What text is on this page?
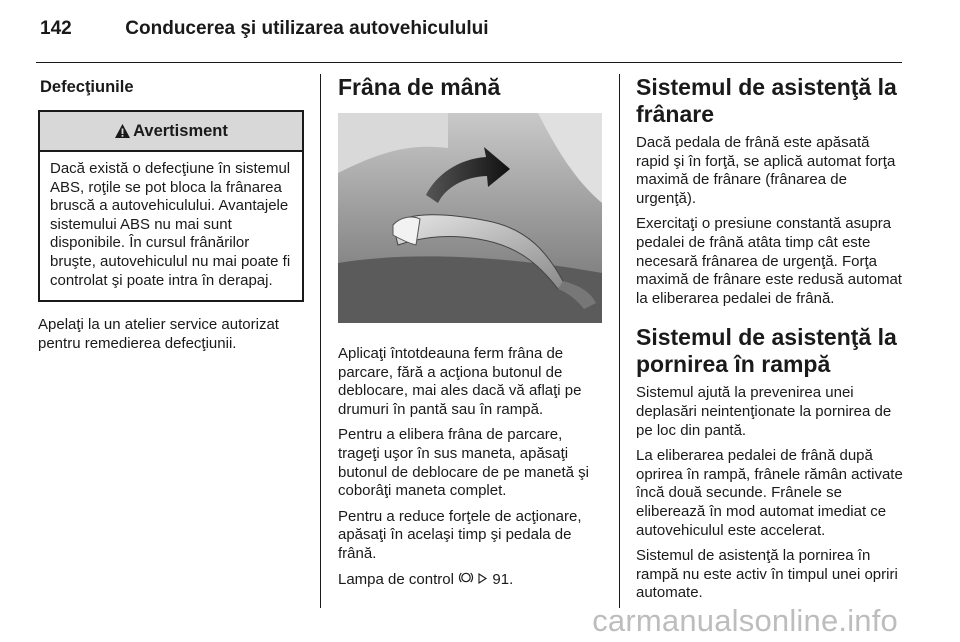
142	Conducerea şi utilizarea autovehiculului
Defecţiunile
Avertisment
Dacă există o defecţiune în sistemul ABS, roţile se pot bloca la frânarea bruscă a autovehiculului. Avantajele sistemului ABS nu mai sunt disponibile. În cursul frânărilor bruşte, autovehiculul nu mai poate fi controlat şi poate intra în derapaj.
Apelaţi la un atelier service autorizat pentru remedierea defecţiunii.
Frâna de mână
Aplicaţi întotdeauna ferm frâna de parcare, fără a acţiona butonul de deblocare, mai ales dacă vă aflaţi pe drumuri în pantă sau în rampă.
Pentru a elibera frâna de parcare, trageţi uşor în sus maneta, apăsaţi butonul de deblocare de pe manetă şi coborâţi maneta complet.
Pentru a reduce forţele de acţionare, apăsaţi în acelaşi timp şi pedala de frână.
Lampa de control	91.
Sistemul de asistenţă la frânare
Dacă pedala de frână este apăsată rapid şi în forţă, se aplică automat forţa maximă de frânare (frânarea de urgenţă).
Exercitaţi o presiune constantă asupra pedalei de frână atâta timp cât este necesară frânarea de urgenţă. Forţa maximă de frânare este redusă automat la eliberarea pedalei de frână.
Sistemul de asistenţă la pornirea în rampă
Sistemul ajută la prevenirea unei deplasări neintenţionate la pornirea de pe loc din pantă.
La eliberarea pedalei de frână după oprirea în rampă, frânele rămân activate încă două secunde. Frânele se eliberează în mod automat imediat ce autovehiculul este accelerat.
Sistemul de asistenţă la pornirea în rampă nu este activ în timpul unei opriri automate.
carmanualsonline.info
